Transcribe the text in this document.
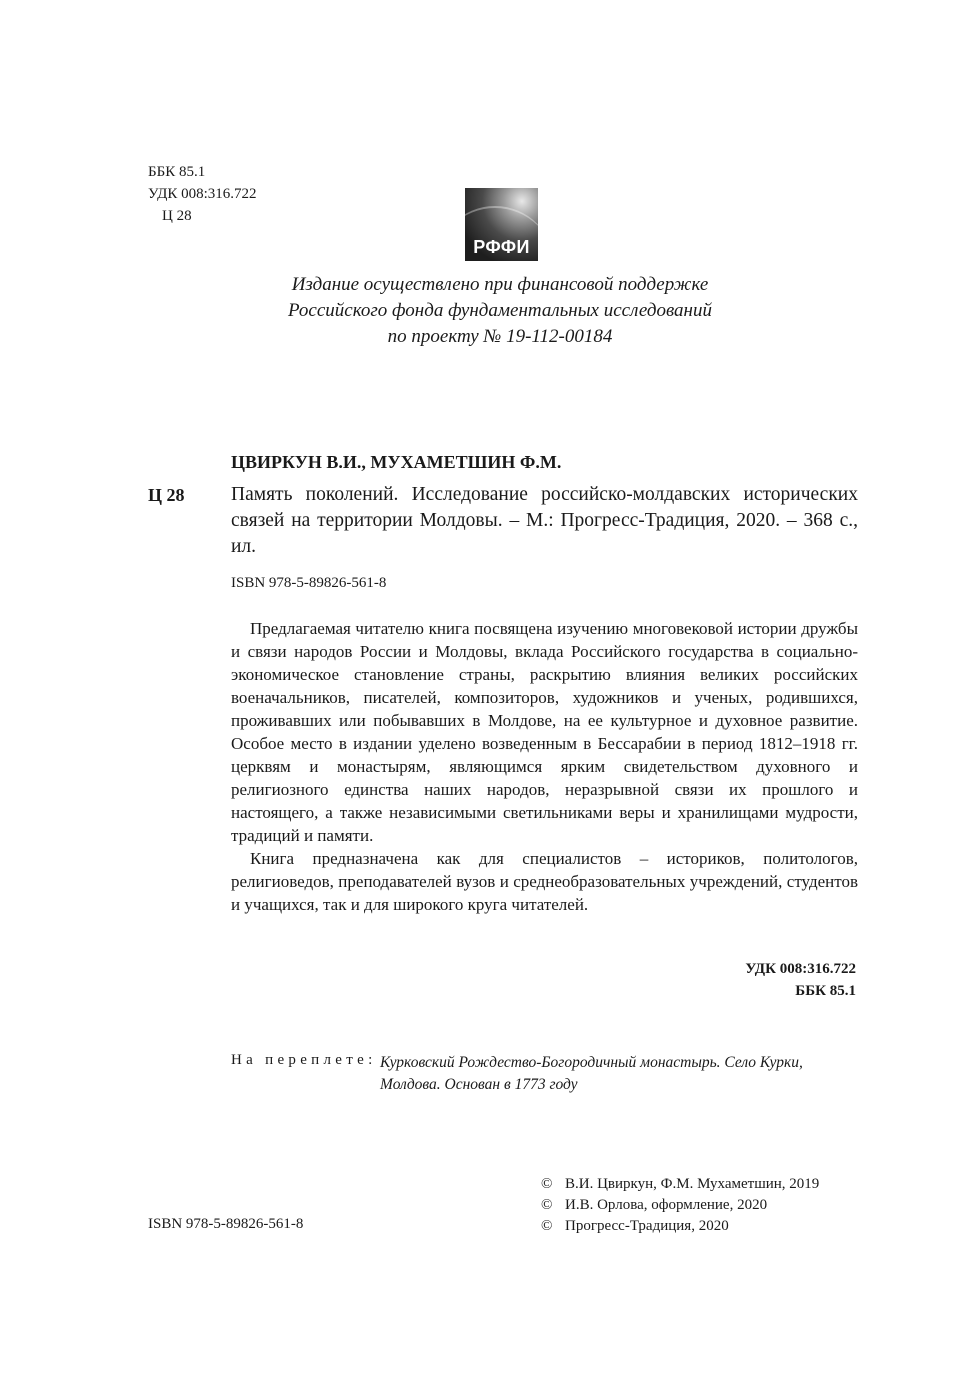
ББК 85.1
УДК 008:316.722
Ц 28
РФФИ
Издание осуществлено при финансовой поддержке
Российского фонда фундаментальных исследований
по проекту № 19-112-00184
ЦВИРКУН В.И., МУХАМЕТШИН Ф.М.
Ц 28 Память поколений. Исследование российско-молдавских исторических связей на территории Молдовы. – М.: Прогресс-Традиция, 2020. – 368 с., ил.
ISBN 978-5-89826-561-8

Предлагаемая читателю книга посвящена изучению многовековой истории дружбы и связи народов России и Молдовы, вклада Российского государства в социально-экономическое становление страны, раскрытию влияния великих российских военачальников, писателей, композиторов, художников и ученых, родившихся, проживавших или побывавших в Молдове, на ее культурное и духовное развитие. Особое место в издании уделено возведенным в Бессарабии в период 1812–1918 гг. церквям и монастырям, являющимся ярким свидетельством духовного и религиозного единства наших народов, неразрывной связи их прошлого и настоящего, а также независимыми светильниками веры и хранилищами мудрости, традиций и памяти.

Книга предназначена как для специалистов – историков, политологов, религиоведов, преподавателей вузов и среднеобразовательных учреждений, студентов и учащихся, так и для широкого круга читателей.

УДК 008:316.722
ББК 85.1
На переплете: Курковский Рождество-Богородичный монастырь. Село Курки, Молдова. Основан в 1773 году
ISBN 978-5-89826-561-8
© В.И. Цвиркун, Ф.М. Мухаметшин, 2019
© И.В. Орлова, оформление, 2020
© Прогресс-Традиция, 2020
